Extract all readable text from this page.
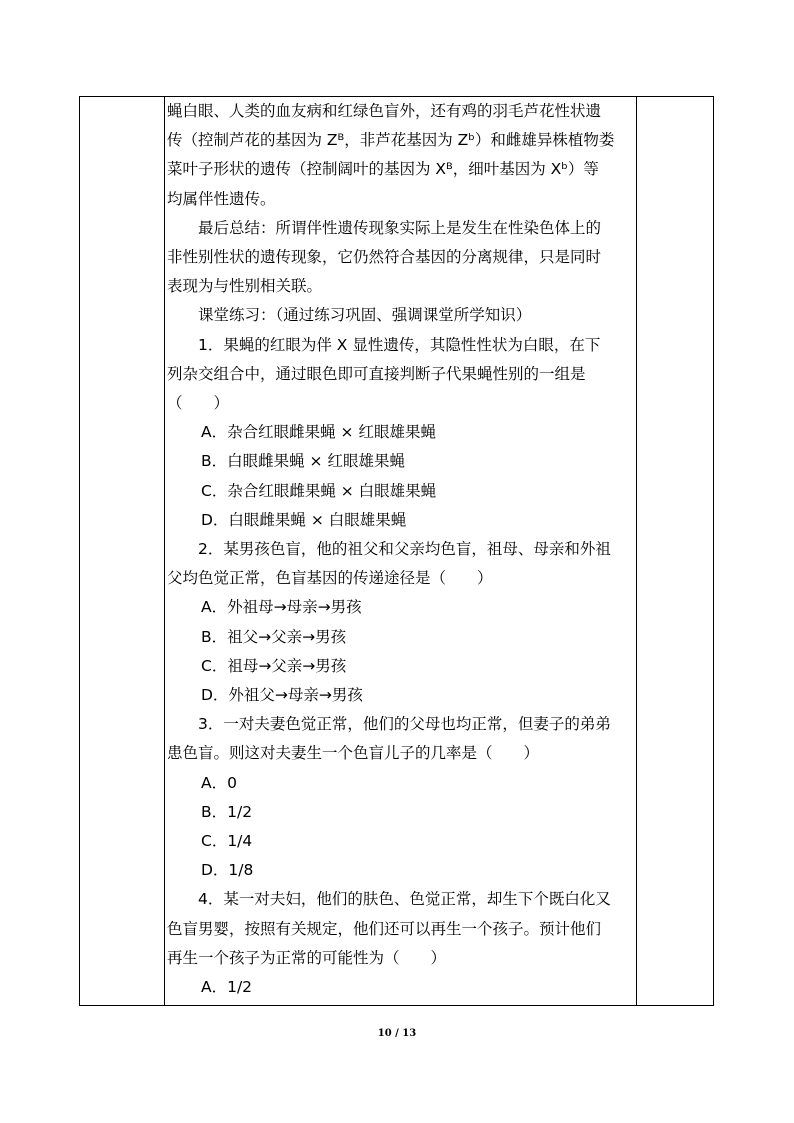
蝇白眼、人类的血友病和红绿色盲外，还有鸡的羽毛芦花性状遗

传（控制芦花的基因为 Zᴮ，非芦花基因为 Zᵇ）和雌雄异株植物娄

菜叶子形状的遗传（控制阔叶的基因为 Xᴮ，细叶基因为 Xᵇ）等

均属伴性遗传。

最后总结：所谓伴性遗传现象实际上是发生在性染色体上的

非性别性状的遗传现象，它仍然符合基因的分离规律，只是同时

表现为与性别相关联。

课堂练习：（通过练习巩固、强调课堂所学知识）

1．果蝇的红眼为伴 X 显性遗传，其隐性性状为白眼，在下

列杂交组合中，通过眼色即可直接判断子代果蝇性别的一组是

（　　）

A．杂合红眼雌果蝇 × 红眼雄果蝇

B．白眼雌果蝇 × 红眼雄果蝇

C．杂合红眼雌果蝇 × 白眼雄果蝇

D．白眼雌果蝇 × 白眼雄果蝇

2．某男孩色盲，他的祖父和父亲均色盲，祖母、母亲和外祖

父均色觉正常，色盲基因的传递途径是（　　）

A．外祖母→母亲→男孩

B．祖父→父亲→男孩

C．祖母→父亲→男孩

D．外祖父→母亲→男孩

3．一对夫妻色觉正常，他们的父母也均正常，但妻子的弟弟

患色盲。则这对夫妻生一个色盲儿子的几率是（　　）

A．0

B．1/2

C．1/4

D．1/8

4．某一对夫妇，他们的肤色、色觉正常，却生下个既白化又

色盲男婴，按照有关规定，他们还可以再生一个孩子。预计他们

再生一个孩子为正常的可能性为（　　）

A．1/2

10 / 13
